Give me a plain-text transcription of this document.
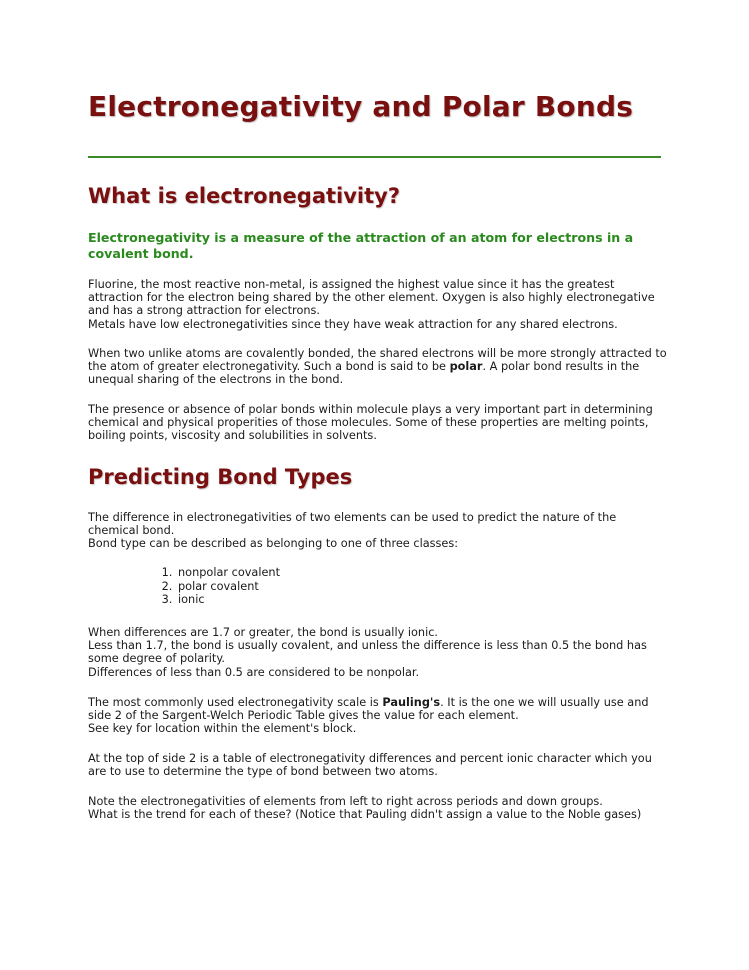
Electronegativity and Polar Bonds
What is electronegativity?

Electronegativity is a measure of the attraction of an atom for electrons in a covalent bond.

Fluorine, the most reactive non-metal, is assigned the highest value since it has the greatest attraction for the electron being shared by the other element. Oxygen is also highly electronegative and has a strong attraction for electrons.

Metals have low electronegativities since they have weak attraction for any shared electrons.

When two unlike atoms are covalently bonded, the shared electrons will be more strongly attracted to the atom of greater electronegativity. Such a bond is said to be polar. A polar bond results in the unequal sharing of the electrons in the bond.

The presence or absence of polar bonds within molecule plays a very important part in determining chemical and physical properities of those molecules. Some of these properties are melting points, boiling points, viscosity and solubilities in solvents.

Predicting Bond Types

The difference in electronegativities of two elements can be used to predict the nature of the chemical bond.

Bond type can be described as belonging to one of three classes:

1. nonpolar covalent
2. polar covalent
3. ionic

When differences are 1.7 or greater, the bond is usually ionic.

Less than 1.7, the bond is usually covalent, and unless the difference is less than 0.5 the bond has some degree of polarity.

Differences of less than 0.5 are considered to be nonpolar.

The most commonly used electronegativity scale is Pauling's. It is the one we will usually use and side 2 of the Sargent-Welch Periodic Table gives the value for each element.

See key for location within the element's block.

At the top of side 2 is a table of electronegativity differences and percent ionic character which you are to use to determine the type of bond between two atoms.

Note the electronegativities of elements from left to right across periods and down groups.

What is the trend for each of these? (Notice that Pauling didn't assign a value to the Noble gases)
